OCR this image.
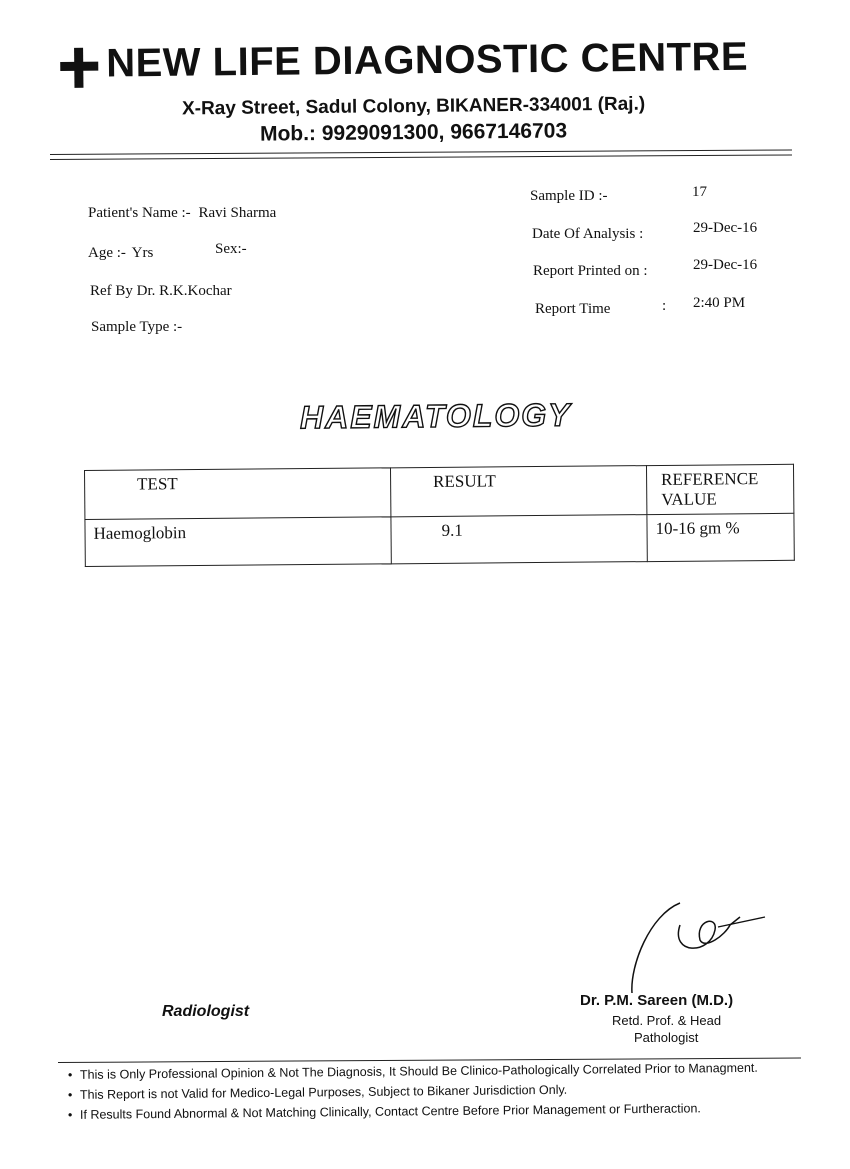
NEW LIFE DIAGNOSTIC CENTRE
X-Ray Street, Sadul Colony, BIKANER-334001 (Raj.)
Mob.: 9929091300, 9667146703
Patient's Name :- Ravi Sharma
Age :- Yrs	Sex:-
Ref By Dr. R.K.Kochar
Sample Type :-
Sample ID :-	17
Date Of Analysis :	29-Dec-16
Report Printed on :	29-Dec-16
Report Time	: 2:40 PM
HAEMATOLOGY
TEST	RESULT	REFERENCE VALUE
Haemoglobin	9.1	10-16 gm %
Radiologist
Dr. P.M. Sareen (M.D.)
Retd. Prof. & Head
Pathologist
• This is Only Professional Opinion & Not The Diagnosis, It Should Be Clinico-Pathologically Correlated Prior to Managment.
• This Report is not Valid for Medico-Legal Purposes, Subject to Bikaner Jurisdiction Only.
• If Results Found Abnormal & Not Matching Clinically, Contact Centre Before Prior Management or Furtheraction.
